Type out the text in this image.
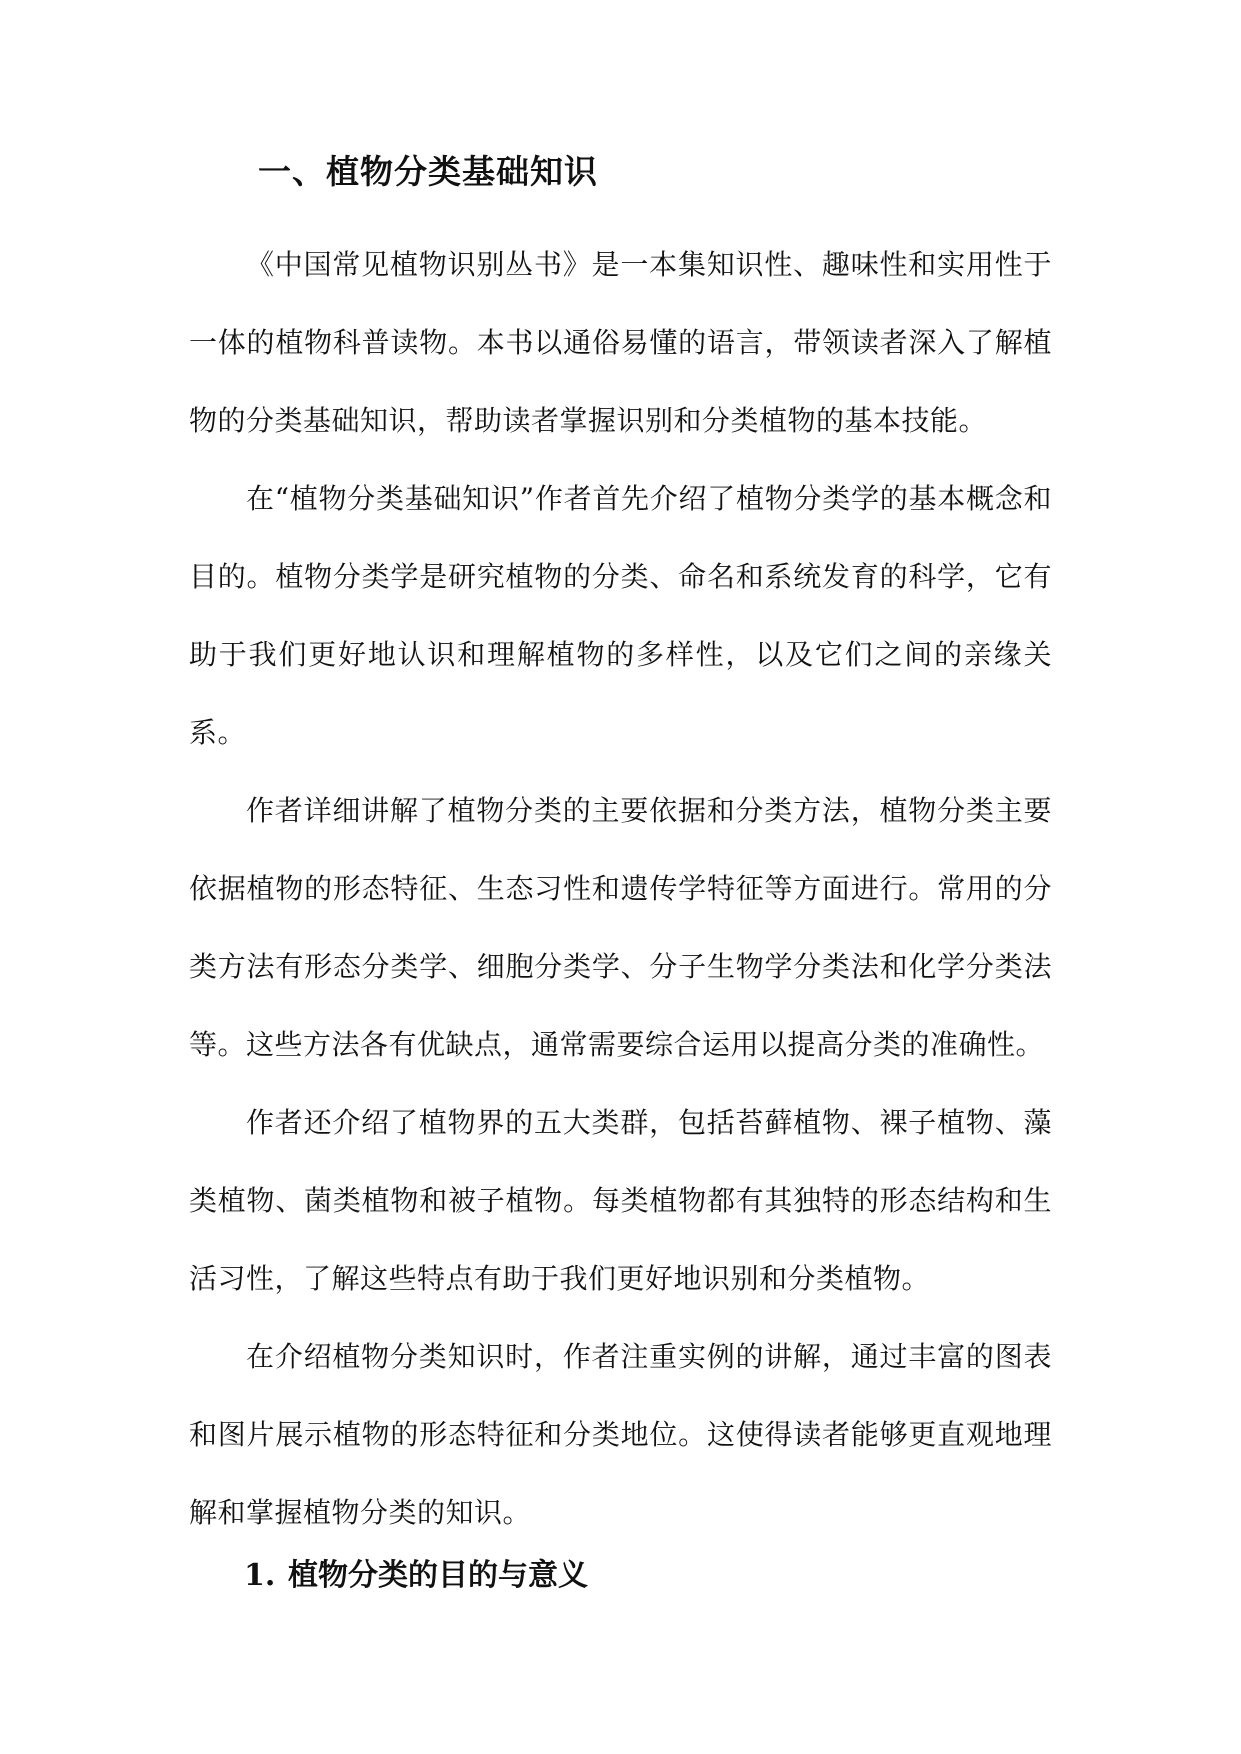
一、植物分类基础知识

《中国常见植物识别丛书》是一本集知识性、趣味性和实用性于一体的植物科普读物。本书以通俗易懂的语言，带领读者深入了解植物的分类基础知识，帮助读者掌握识别和分类植物的基本技能。

在“植物分类基础知识”作者首先介绍了植物分类学的基本概念和目的。植物分类学是研究植物的分类、命名和系统发育的科学，它有助于我们更好地认识和理解植物的多样性，以及它们之间的亲缘关系。

作者详细讲解了植物分类的主要依据和分类方法，植物分类主要依据植物的形态特征、生态习性和遗传学特征等方面进行。常用的分类方法有形态分类学、细胞分类学、分子生物学分类法和化学分类法等。这些方法各有优缺点，通常需要综合运用以提高分类的准确性。

作者还介绍了植物界的五大类群，包括苔藓植物、裸子植物、藻类植物、菌类植物和被子植物。每类植物都有其独特的形态结构和生活习性，了解这些特点有助于我们更好地识别和分类植物。

在介绍植物分类知识时，作者注重实例的讲解，通过丰富的图表和图片展示植物的形态特征和分类地位。这使得读者能够更直观地理解和掌握植物分类的知识。

1. 植物分类的目的与意义
